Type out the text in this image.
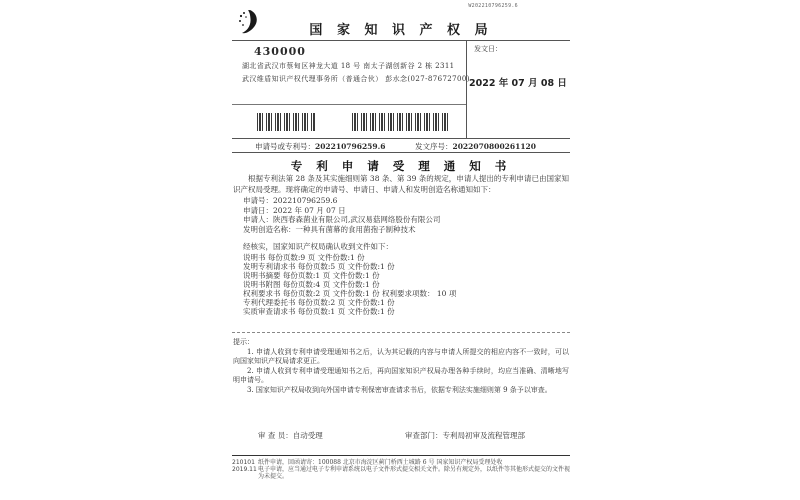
W202210796259.6
国 家 知 识 产 权 局
430000
湖北省武汉市蔡甸区神龙大道 18 号 南太子湖创新谷 2 栋 2311
武汉维盾知识产权代理事务所（普通合伙） 彭水念(027-87672700)
发文日：
2022 年 07 月 08 日
申请号或专利号：202210796259.6	发文序号：2022070800261120
专 利 申 请 受 理 通 知 书
根据专利法第 28 条及其实施细则第 38 条、第 39 条的规定，申请人提出的专利申请已由国家知识产权局受理。现将确定的申请号、申请日、申请人和发明创造名称通知如下：
申请号：202210796259.6
申请日：2022 年 07 月 07 日
申请人：陕西春森菌业有限公司,武汉易菇网络股份有限公司
发明创造名称：一种具有菌幕的食用菌孢子制种技术
经核实，国家知识产权局确认收到文件如下：
说明书 每份页数:9 页 文件份数:1 份
发明专利请求书 每份页数:5 页 文件份数:1 份
说明书摘要 每份页数:1 页 文件份数:1 份
说明书附图 每份页数:4 页 文件份数:1 份
权利要求书 每份页数:2 页 文件份数:1 份 权利要求项数： 10 项
专利代理委托书 每份页数:2 页 文件份数:1 份
实质审查请求书 每份页数:1 页 文件份数:1 份

提示：

1. 申请人收到专利申请受理通知书之后，认为其记载的内容与申请人所提交的相应内容不一致时，可以向国家知识产权局请求更正。

2. 申请人收到专利申请受理通知书之后，再向国家知识产权局办理各种手续时，均应当准确、清晰地写明申请号。

3. 国家知识产权局收到向外国申请专利保密审查请求书后，依据专利法实施细则第 9 条予以审查。

审 查 员：自动受理	审查部门：专利局初审及流程管理部
210101
2019.11
纸件申请，回函请寄：100088 北京市海淀区蓟门桥西土城路 6 号 国家知识产权局受理处收
电子申请，应当通过电子专利申请系统以电子文件形式提交相关文件。除另有规定外，以纸件等其他形式提交的文件视为未提交。
